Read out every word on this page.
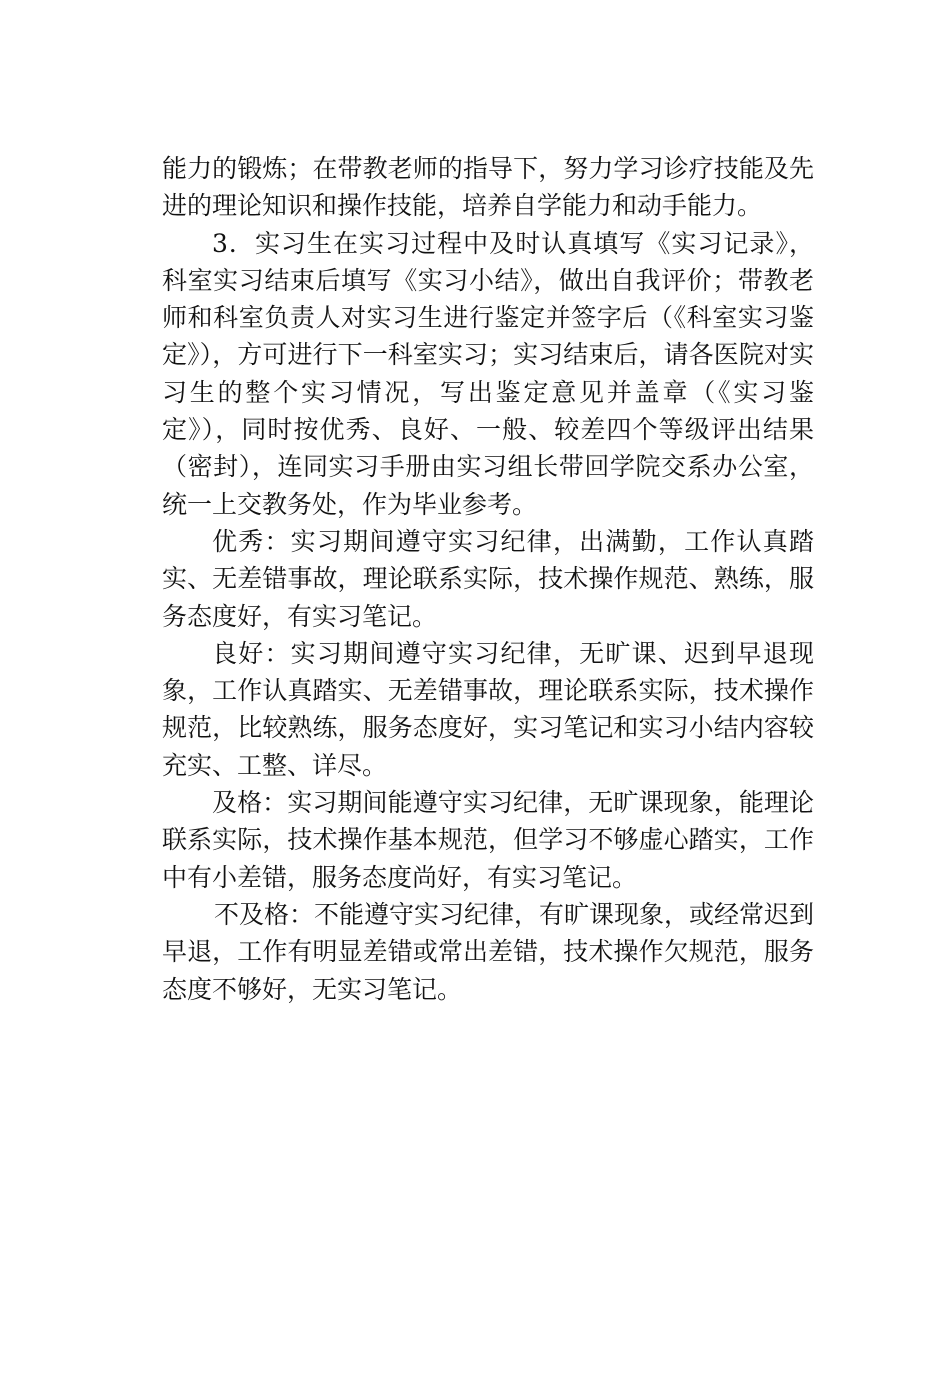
能力的锻炼；在带教老师的指导下，努力学习诊疗技能及先进的理论知识和操作技能，培养自学能力和动手能力。

3．实习生在实习过程中及时认真填写《实习记录》，科室实习结束后填写《实习小结》，做出自我评价；带教老师和科室负责人对实习生进行鉴定并签字后（《科室实习鉴定》），方可进行下一科室实习；实习结束后，请各医院对实习生的整个实习情况，写出鉴定意见并盖章（《实习鉴定》），同时按优秀、良好、一般、较差四个等级评出结果（密封），连同实习手册由实习组长带回学院交系办公室，统一上交教务处，作为毕业参考。

优秀：实习期间遵守实习纪律，出满勤，工作认真踏实、无差错事故，理论联系实际，技术操作规范、熟练，服务态度好，有实习笔记。

良好：实习期间遵守实习纪律，无旷课、迟到早退现象，工作认真踏实、无差错事故，理论联系实际，技术操作规范，比较熟练，服务态度好，实习笔记和实习小结内容较充实、工整、详尽。

及格：实习期间能遵守实习纪律，无旷课现象，能理论联系实际，技术操作基本规范，但学习不够虚心踏实，工作中有小差错，服务态度尚好，有实习笔记。

不及格：不能遵守实习纪律，有旷课现象，或经常迟到早退，工作有明显差错或常出差错，技术操作欠规范，服务态度不够好，无实习笔记。
